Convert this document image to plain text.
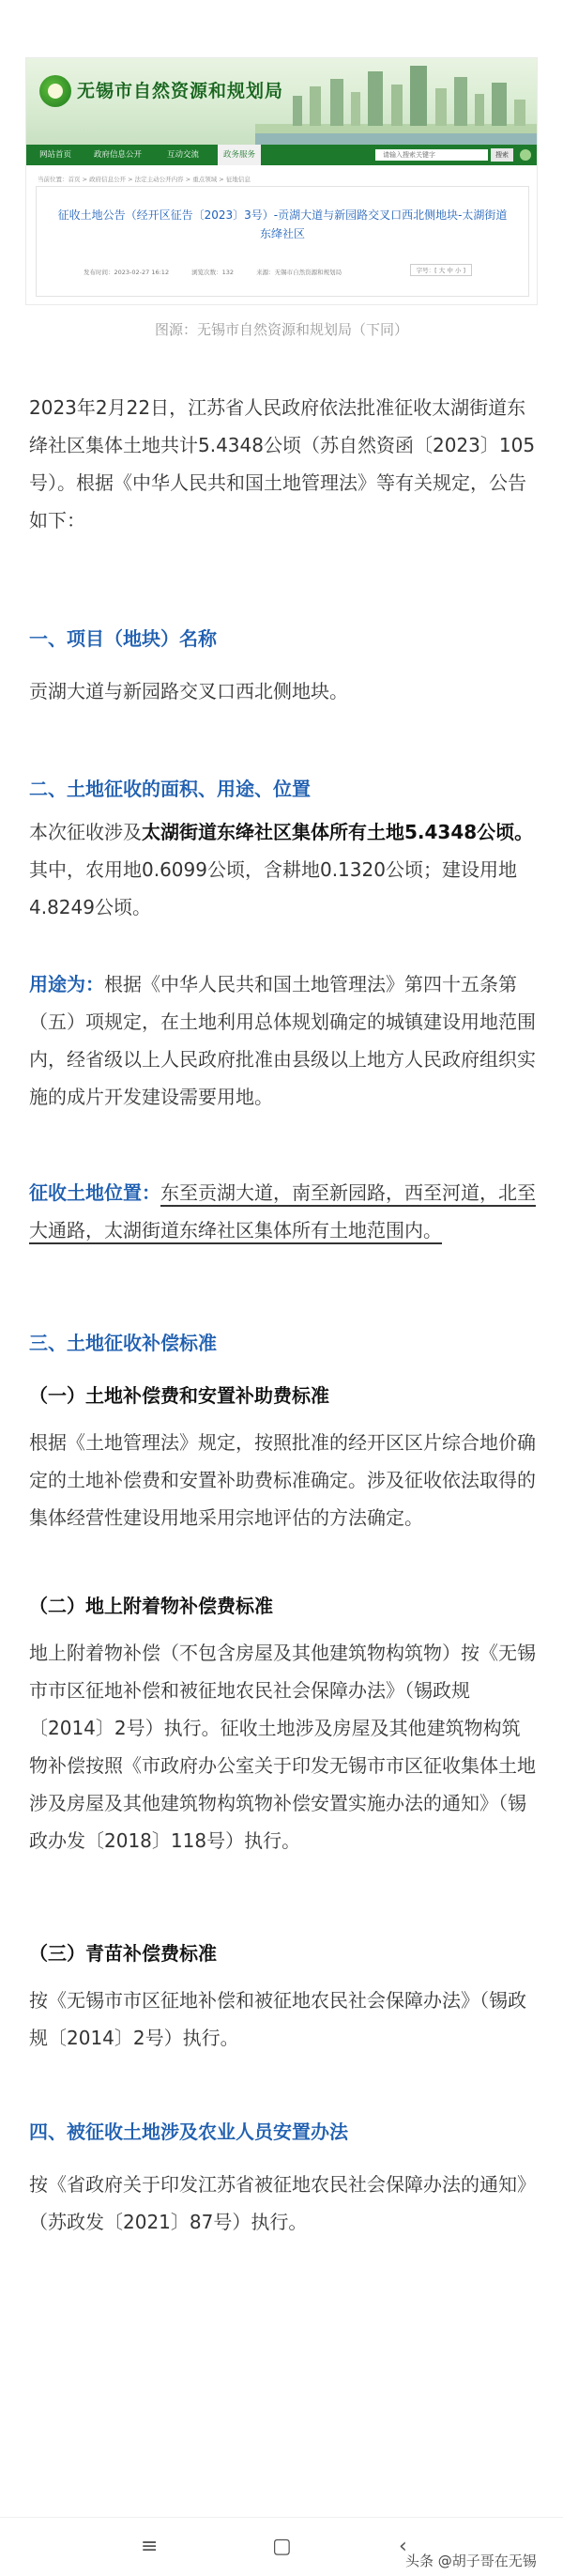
无锡市自然资源和规划局
网站首页	政府信息公开	互动交流	政务服务	请输入搜索关键字	搜索
当前位置：首页 > 政府信息公开 > 法定主动公开内容 > 重点领域 > 征地信息
征收土地公告（经开区征告〔2023〕3号）-贡湖大道与新园路交叉口西北侧地块-太湖街道东绛社区
发布时间：2023-02-27 16:12	浏览次数：132	来源：无锡市自然资源和规划局	字号：[ 大 中 小 ]
图源：无锡市自然资源和规划局（下同）

2023年2月22日，江苏省人民政府依法批准征收太湖街道东绛社区集体土地共计5.4348公顷（苏自然资函〔2023〕105号）。根据《中华人民共和国土地管理法》等有关规定，公告如下：

一、项目（地块）名称

贡湖大道与新园路交叉口西北侧地块。

二、土地征收的面积、用途、位置

本次征收涉及太湖街道东绛社区集体所有土地5.4348公顷。其中，农用地0.6099公顷，含耕地0.1320公顷；建设用地4.8249公顷。

用途为：根据《中华人民共和国土地管理法》第四十五条第（五）项规定，在土地利用总体规划确定的城镇建设用地范围内，经省级以上人民政府批准由县级以上地方人民政府组织实施的成片开发建设需要用地。

征收土地位置：东至贡湖大道，南至新园路，西至河道，北至大通路，太湖街道东绛社区集体所有土地范围内。

三、土地征收补偿标准

（一）土地补偿费和安置补助费标准

根据《土地管理法》规定，按照批准的经开区区片综合地价确定的土地补偿费和安置补助费标准确定。涉及征收依法取得的集体经营性建设用地采用宗地评估的方法确定。

（二）地上附着物补偿费标准

地上附着物补偿（不包含房屋及其他建筑物构筑物）按《无锡市市区征地补偿和被征地农民社会保障办法》（锡政规〔2014〕2号）执行。征收土地涉及房屋及其他建筑物构筑物补偿按照《市政府办公室关于印发无锡市市区征收集体土地涉及房屋及其他建筑物构筑物补偿安置实施办法的通知》（锡政办发〔2018〕118号）执行。

（三）青苗补偿费标准

按《无锡市市区征地补偿和被征地农民社会保障办法》（锡政规〔2014〕2号）执行。

四、被征收土地涉及农业人员安置办法

按《省政府关于印发江苏省被征地农民社会保障办法的通知》（苏政发〔2021〕87号）执行。

≡	▢	‹
头条 @胡子哥在无锡
